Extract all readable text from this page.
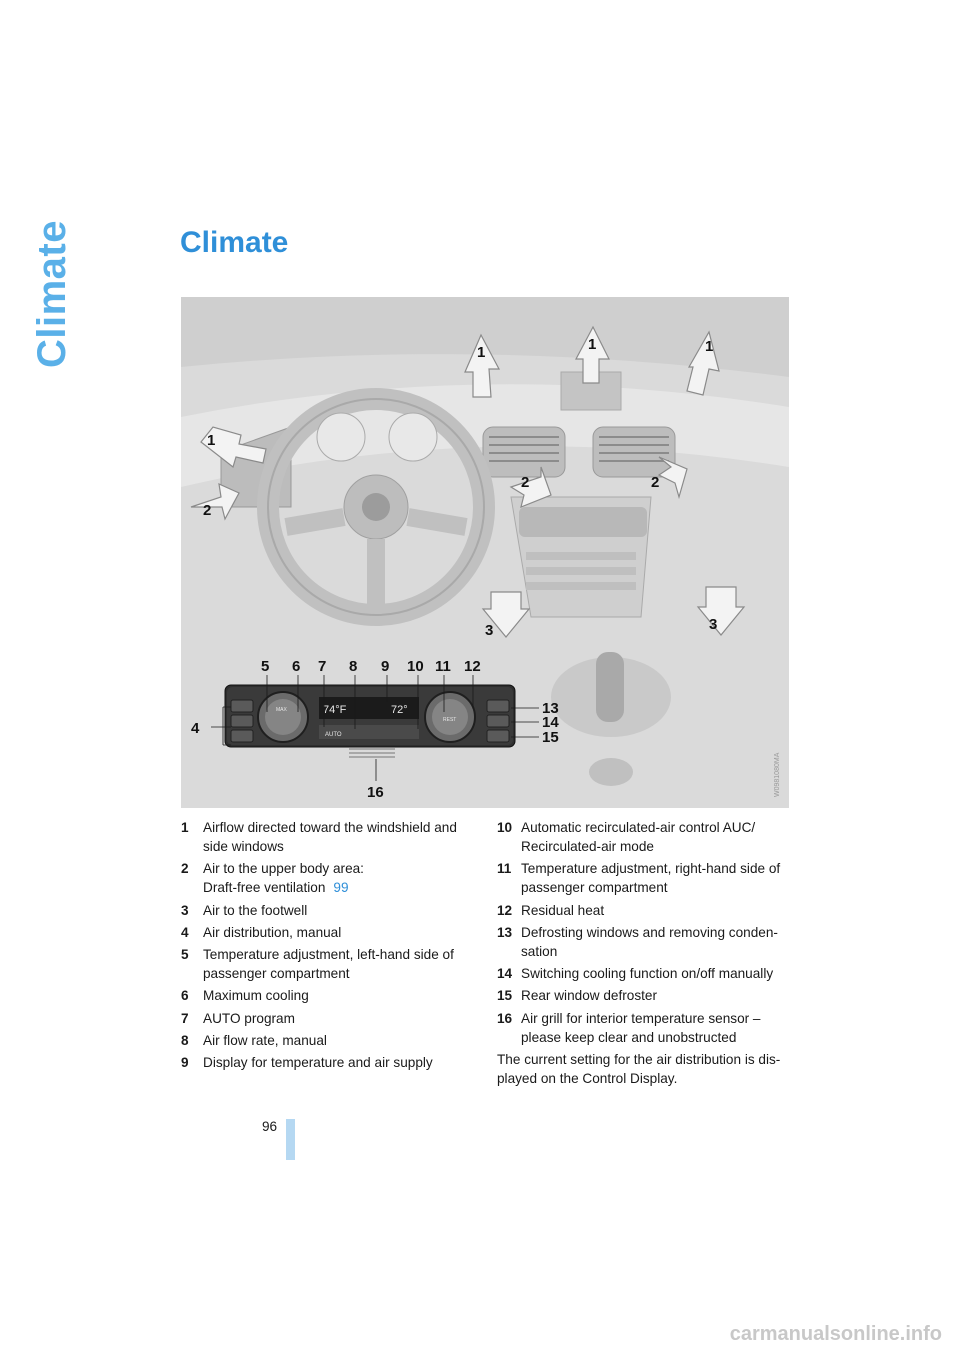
Climate	Climate
1	1	1
1
2
2	2
3	3
74°F	72°
AUTO
MAX
REST
4
5 6 7 8 9 10 11 12
13
14
15
16	W0981080MA
1	Airflow directed toward the windshield and side windows
2	Air to the upper body area:
Draft-free ventilation 99
3	Air to the footwell
4	Air distribution, manual
5	Temperature adjustment, left-hand side of passenger compartment
6	Maximum cooling
7	AUTO program
8	Air flow rate, manual
9	Display for temperature and air supply
10 Automatic recirculated-air control AUC/ Recirculated-air mode
11 Temperature adjustment, right-hand side of passenger compartment
12 Residual heat
13 Defrosting windows and removing conden-sation
14 Switching cooling function on/off manually
15 Rear window defroster
16 Air grill for interior temperature sensor – please keep clear and unobstructed
The current setting for the air distribution is dis-played on the Control Display.
96
carmanualsonline.info
